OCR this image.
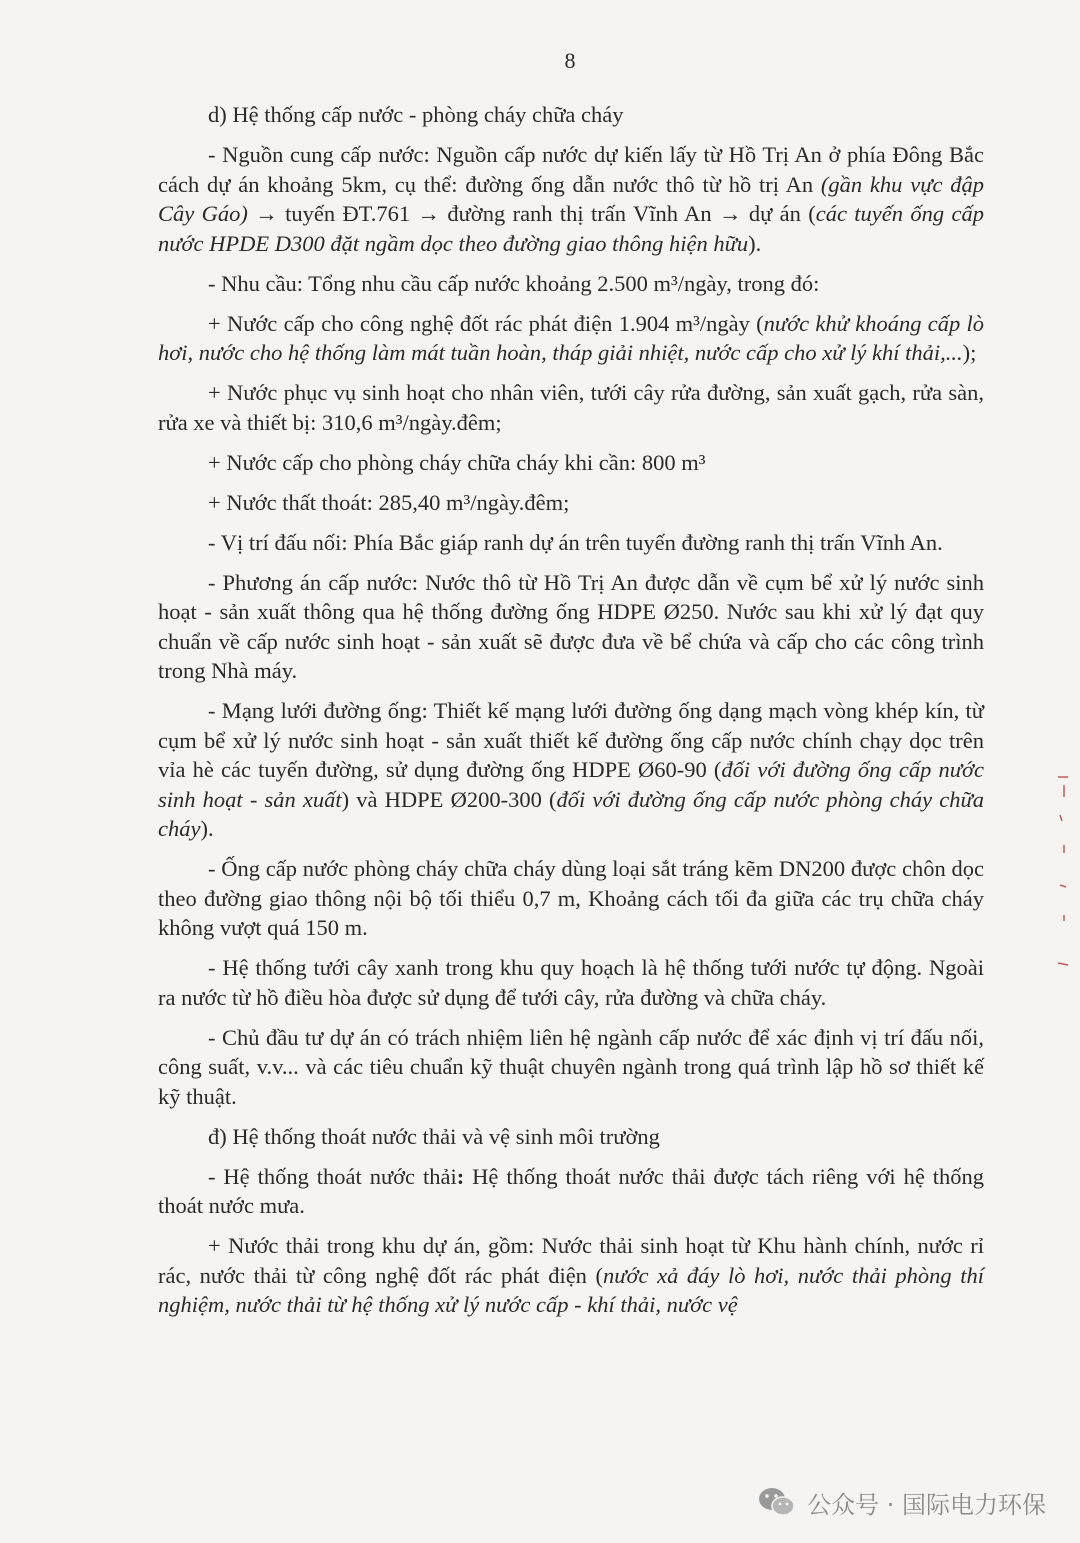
8

d) Hệ thống cấp nước - phòng cháy chữa cháy

- Nguồn cung cấp nước: Nguồn cấp nước dự kiến lấy từ Hồ Trị An ở phía Đông Bắc cách dự án khoảng 5km, cụ thể: đường ống dẫn nước thô từ hồ trị An (gần khu vực đập Cây Gáo) → tuyến ĐT.761 → đường ranh thị trấn Vĩnh An → dự án (các tuyến ống cấp nước HPDE D300 đặt ngầm dọc theo đường giao thông hiện hữu).

- Nhu cầu: Tổng nhu cầu cấp nước khoảng 2.500 m³/ngày, trong đó:

+ Nước cấp cho công nghệ đốt rác phát điện 1.904 m³/ngày (nước khử khoáng cấp lò hơi, nước cho hệ thống làm mát tuần hoàn, tháp giải nhiệt, nước cấp cho xử lý khí thải,...);

+ Nước phục vụ sinh hoạt cho nhân viên, tưới cây rửa đường, sản xuất gạch, rửa sàn, rửa xe và thiết bị: 310,6 m³/ngày.đêm;

+ Nước cấp cho phòng cháy chữa cháy khi cần: 800 m³

+ Nước thất thoát: 285,40 m³/ngày.đêm;

- Vị trí đấu nối: Phía Bắc giáp ranh dự án trên tuyến đường ranh thị trấn Vĩnh An.

- Phương án cấp nước: Nước thô từ Hồ Trị An được dẫn về cụm bể xử lý nước sinh hoạt - sản xuất thông qua hệ thống đường ống HDPE Ø250. Nước sau khi xử lý đạt quy chuẩn về cấp nước sinh hoạt - sản xuất sẽ được đưa về bể chứa và cấp cho các công trình trong Nhà máy.

- Mạng lưới đường ống: Thiết kế mạng lưới đường ống dạng mạch vòng khép kín, từ cụm bể xử lý nước sinh hoạt - sản xuất thiết kế đường ống cấp nước chính chạy dọc trên vỉa hè các tuyến đường, sử dụng đường ống HDPE Ø60-90 (đối với đường ống cấp nước sinh hoạt - sản xuất) và HDPE Ø200-300 (đối với đường ống cấp nước phòng cháy chữa cháy).

- Ống cấp nước phòng cháy chữa cháy dùng loại sắt tráng kẽm DN200 được chôn dọc theo đường giao thông nội bộ tối thiểu 0,7 m, Khoảng cách tối đa giữa các trụ chữa cháy không vượt quá 150 m.

- Hệ thống tưới cây xanh trong khu quy hoạch là hệ thống tưới nước tự động. Ngoài ra nước từ hồ điều hòa được sử dụng để tưới cây, rửa đường và chữa cháy.

- Chủ đầu tư dự án có trách nhiệm liên hệ ngành cấp nước để xác định vị trí đấu nối, công suất, v.v... và các tiêu chuẩn kỹ thuật chuyên ngành trong quá trình lập hồ sơ thiết kế kỹ thuật.

đ) Hệ thống thoát nước thải và vệ sinh môi trường

- Hệ thống thoát nước thải: Hệ thống thoát nước thải được tách riêng với hệ thống thoát nước mưa.

+ Nước thải trong khu dự án, gồm: Nước thải sinh hoạt từ Khu hành chính, nước rỉ rác, nước thải từ công nghệ đốt rác phát điện (nước xả đáy lò hơi, nước thải phòng thí nghiệm, nước thải từ hệ thống xử lý nước cấp - khí thải, nước vệ

公众号 · 国际电力环保
